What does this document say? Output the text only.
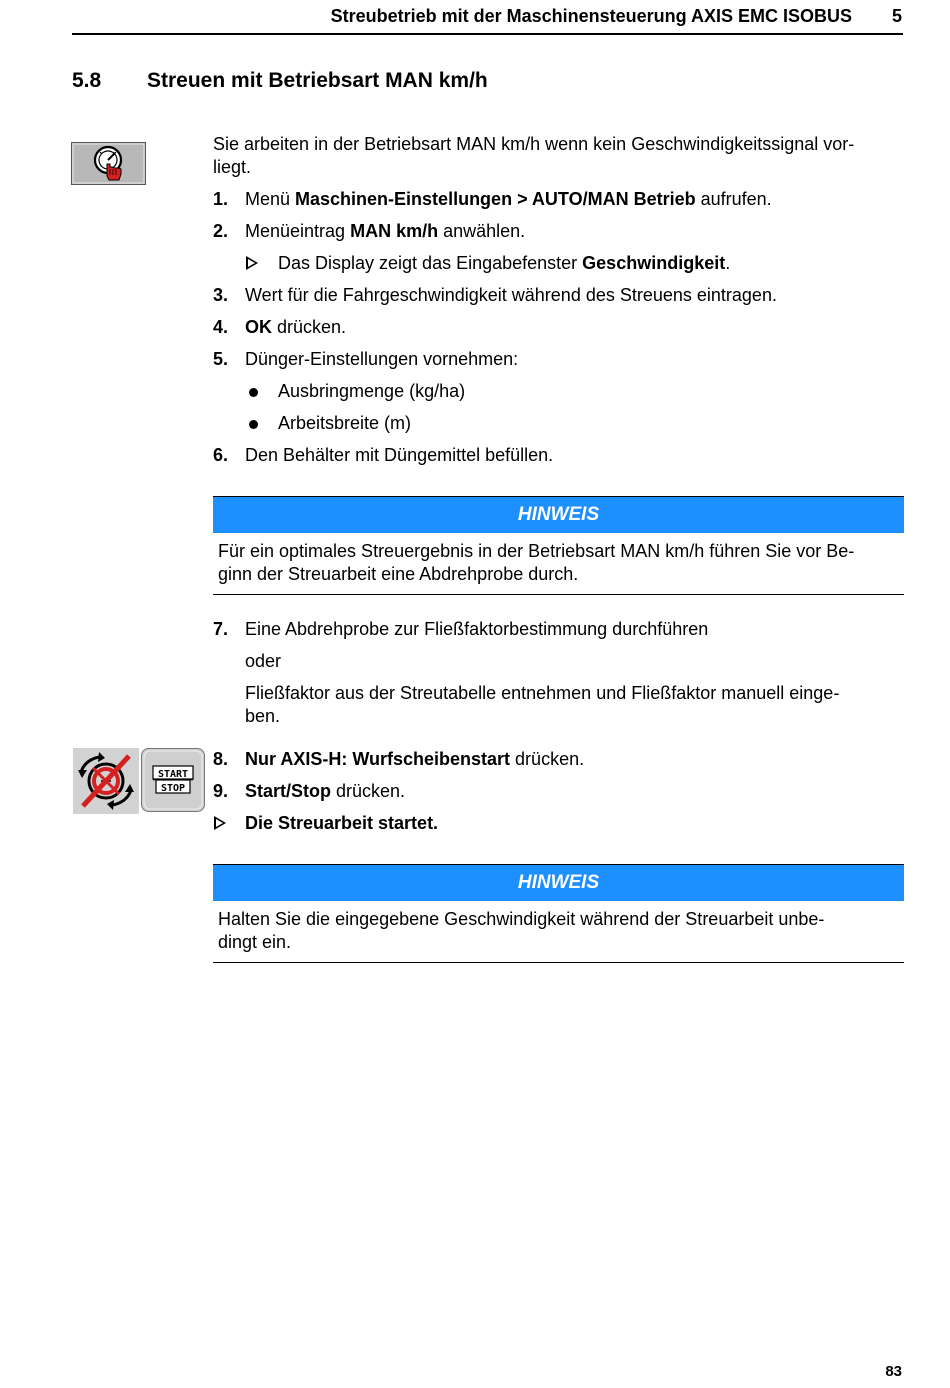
Streubetrieb mit der Maschinensteuerung AXIS EMC ISOBUS	5
5.8 Streuen mit Betriebsart MAN km/h
Sie arbeiten in der Betriebsart MAN km/h wenn kein Geschwindigkeitssignal vor-
liegt.
1. Menü Maschinen-Einstellungen > AUTO/MAN Betrieb aufrufen.
2. Menüeintrag MAN km/h anwählen.
Das Display zeigt das Eingabefenster Geschwindigkeit.
3. Wert für die Fahrgeschwindigkeit während des Streuens eintragen.
4. OK drücken.
5. Dünger-Einstellungen vornehmen:
Ausbringmenge (kg/ha)
Arbeitsbreite (m)
6. Den Behälter mit Düngemittel befüllen.
HINWEIS
Für ein optimales Streuergebnis in der Betriebsart MAN km/h führen Sie vor Be-
ginn der Streuarbeit eine Abdrehprobe durch.
7. Eine Abdrehprobe zur Fließfaktorbestimmung durchführen
oder
Fließfaktor aus der Streutabelle entnehmen und Fließfaktor manuell einge-
ben.
START
STOP
8. Nur AXIS-H: Wurfscheibenstart drücken.
9. Start/Stop drücken.
Die Streuarbeit startet.
HINWEIS
Halten Sie die eingegebene Geschwindigkeit während der Streuarbeit unbe-
dingt ein.
83
